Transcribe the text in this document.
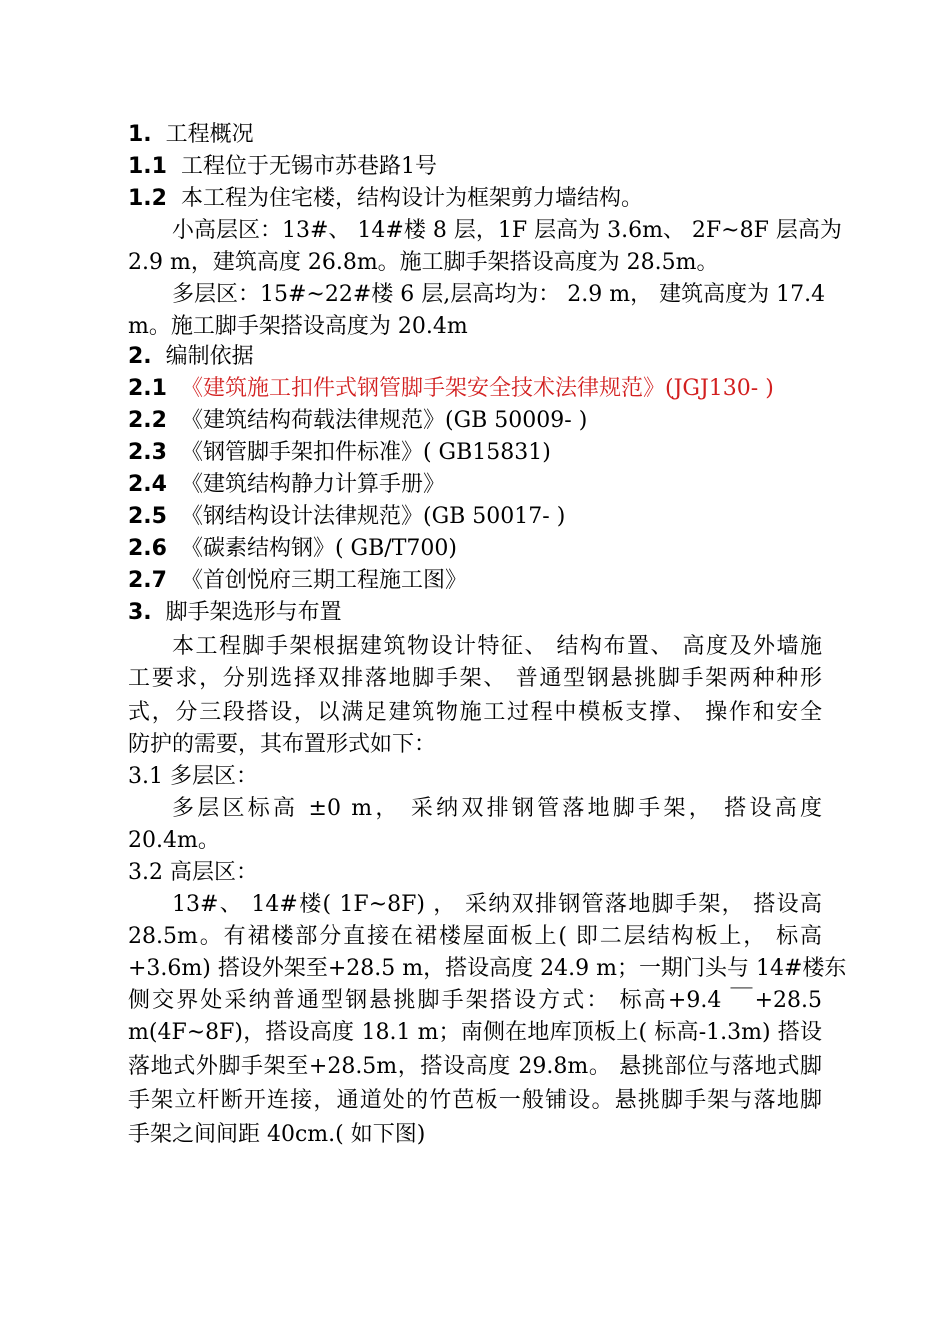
1. 工程概况
1.1 工程位于无锡市苏巷路1号
1.2 本工程为住宅楼，结构设计为框架剪力墙结构。
小高层区：13#、 14#楼 8 层，1F 层高为 3.6m、 2F~8F 层高为
2.9 m，建筑高度 26.8m。施工脚手架搭设高度为 28.5m。
多层区：15#~22#楼 6 层,层高均为： 2.9 m， 建筑高度为 17.4
m。施工脚手架搭设高度为 20.4m
2. 编制依据
2.1 《建筑施工扣件式钢管脚手架安全技术法律规范》(JGJ130- )
2.2 《建筑结构荷载法律规范》(GB 50009- )
2.3 《钢管脚手架扣件标准》( GB15831)
2.4 《建筑结构静力计算手册》
2.5 《钢结构设计法律规范》(GB 50017- )
2.6 《碳素结构钢》( GB/T700)
2.7 《首创悦府三期工程施工图》
3. 脚手架选形与布置
本工程脚手架根据建筑物设计特征、 结构布置、 高度及外墙施
工要求，分别选择双排落地脚手架、 普通型钢悬挑脚手架两种种形
式，分三段搭设，以满足建筑物施工过程中模板支撑、 操作和安全
防护的需要，其布置形式如下：
3.1 多层区：
多层区标高 ±0 m， 采纳双排钢管落地脚手架， 搭设高度
20.4m。
3.2 高层区：
13#、 14#楼( 1F~8F) ， 采纳双排钢管落地脚手架， 搭设高
28.5m。有裙楼部分直接在裙楼屋面板上( 即二层结构板上， 标高
+3.6m) 搭设外架至+28.5 m，搭设高度 24.9 m；一期门头与 14#楼东
侧交界处采纳普通型钢悬挑脚手架搭设方式： 标高+9.4 ￣+28.5
m(4F~8F)，搭设高度 18.1 m；南侧在地库顶板上( 标高-1.3m) 搭设
落地式外脚手架至+28.5m，搭设高度 29.8m。 悬挑部位与落地式脚
手架立杆断开连接，通道处的竹芭板一般铺设。悬挑脚手架与落地脚
手架之间间距 40cm.( 如下图)
